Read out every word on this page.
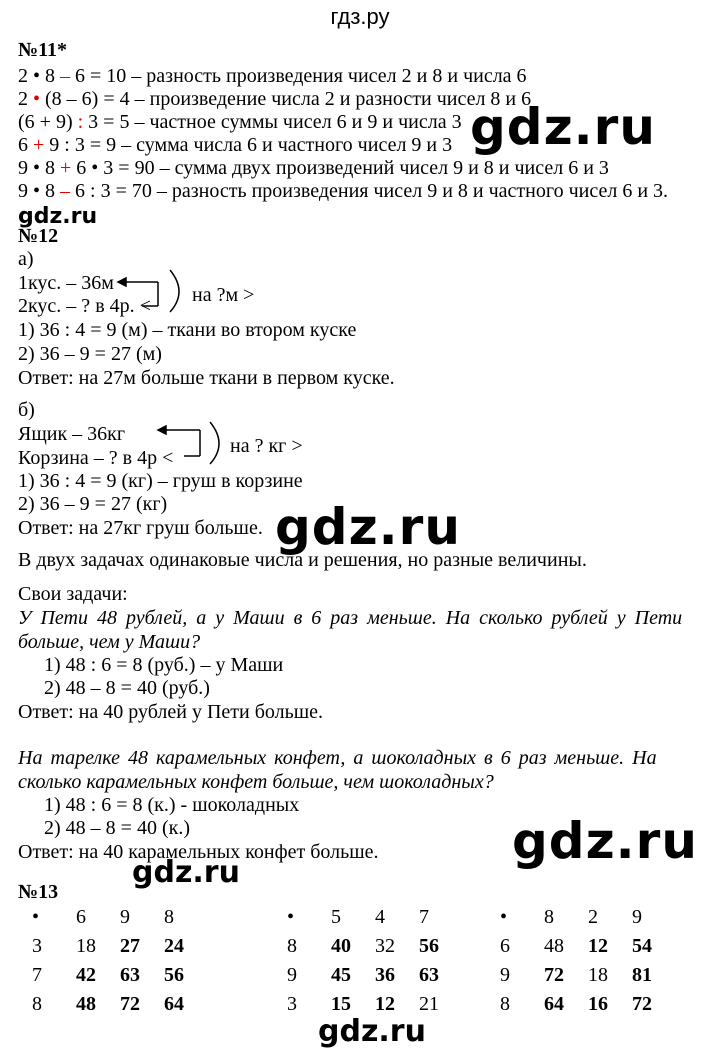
гдз.ру
№11*
2 • 8 – 6 = 10 – разность произведения чисел 2 и 8 и числа 6
2 • (8 – 6) = 4 – произведение числа 2 и разности чисел 8 и 6
(6 + 9) : 3 = 5 – частное суммы чисел 6 и 9 и числа 3
6 + 9 : 3 = 9 – сумма числа 6 и частного чисел 9 и 3
9 • 8 + 6 • 3 = 90 – сумма двух произведений чисел 9 и 8 и чисел 6 и 3
9 • 8 – 6 : 3 = 70 – разность произведения чисел 9 и 8 и частного чисел 6 и 3.
gdz.ru
gdz.ru
№12
а)
1кус. – 36м
2кус. – ? в 4р. < на ?м >
1) 36 : 4 = 9 (м) – ткани во втором куске
2) 36 – 9 = 27 (м)
Ответ: на 27м больше ткани в первом куске.
б)
Ящик – 36кг
Корзина – ? в 4р <
на ? кг >
1) 36 : 4 = 9 (кг) – груш в корзине
2) 36 – 9 = 27 (кг)
Ответ: на 27кг груш больше. gdz.ru
В двух задачах одинаковые числа и решения, но разные величины.
Свои задачи:
У Пети 48 рублей, а у Маши в 6 раз меньше. На сколько рублей у Пети
больше, чем у Маши?
1) 48 : 6 = 8 (руб.) – у Маши
2) 48 – 8 = 40 (руб.)
Ответ: на 40 рублей у Пети больше.
На тарелке 48 карамельных конфет, а шоколадных в 6 раз меньше. На
сколько карамельных конфет больше, чем шоколадных?
1) 48 : 6 = 8 (к.) - шоколадных
2) 48 – 8 = 40 (к.)
Ответ: на 40 карамельных конфет больше.	gdz.ru
gdz.ru
№13
•	6	9	8
3	18	27	24
7	42	63	56
8	48	72	64
•	5	4	7
8	40	32	56
9	45	36	63
3	15	12	21
•	8	2	9
6	48	12	54
9	72	18	81
8	64	16	72
gdz.ru
